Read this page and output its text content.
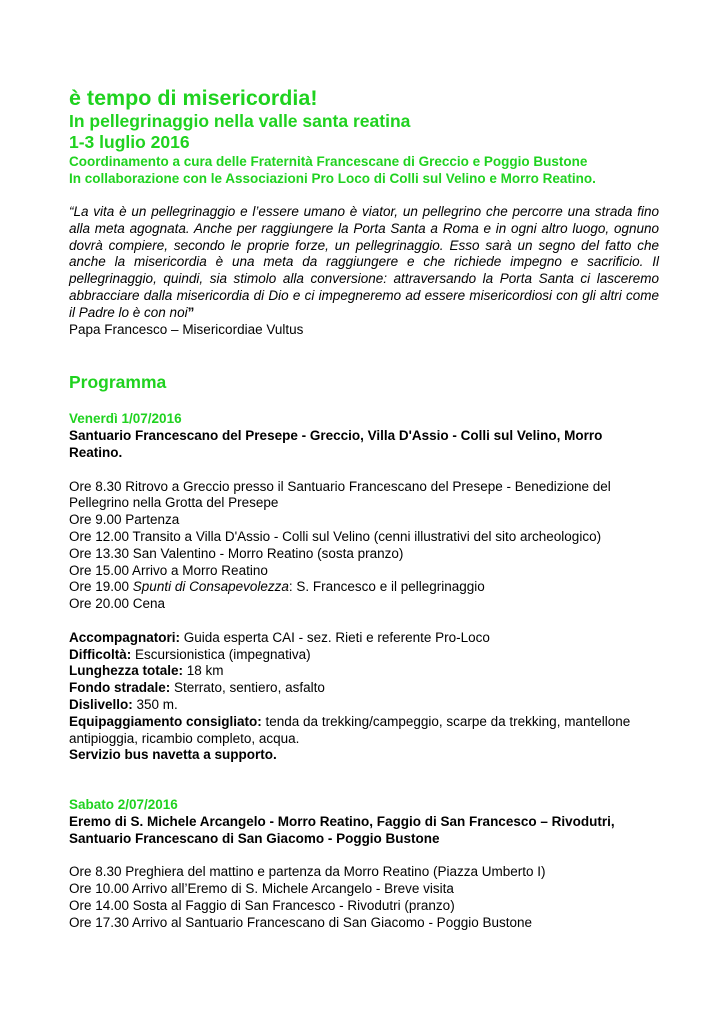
è tempo di misericordia!
In pellegrinaggio nella valle santa reatina
1-3 luglio 2016

Coordinamento a cura delle Fraternità Francescane di Greccio e Poggio Bustone

In collaborazione con le Associazioni Pro Loco di Colli sul Velino e Morro Reatino.

“La vita è un pellegrinaggio e l’essere umano è viator, un pellegrino che percorre una strada fino alla meta agognata. Anche per raggiungere la Porta Santa a Roma e in ogni altro luogo, ognuno dovrà compiere, secondo le proprie forze, un pellegrinaggio. Esso sarà un segno del fatto che anche la misericordia è una meta da raggiungere e che richiede impegno e sacrificio. Il pellegrinaggio, quindi, sia stimolo alla conversione: attraversando la Porta Santa ci lasceremo abbracciare dalla misericordia di Dio e ci impegneremo ad essere misericordiosi con gli altri come il Padre lo è con noi”

Papa Francesco – Misericordiae Vultus

Programma

Venerdì 1/07/2016

Santuario Francescano del Presepe - Greccio, Villa D'Assio - Colli sul Velino, Morro Reatino.

Ore 8.30 Ritrovo a Greccio presso il Santuario Francescano del Presepe - Benedizione del Pellegrino nella Grotta del Presepe

Ore 9.00 Partenza

Ore 12.00 Transito a Villa D'Assio - Colli sul Velino (cenni illustrativi del sito archeologico)

Ore 13.30 San Valentino - Morro Reatino (sosta pranzo)

Ore 15.00 Arrivo a Morro Reatino

Ore 19.00 Spunti di Consapevolezza: S. Francesco e il pellegrinaggio

Ore 20.00 Cena

Accompagnatori: Guida esperta CAI - sez. Rieti e referente Pro-Loco

Difficoltà: Escursionistica (impegnativa)

Lunghezza totale: 18 km

Fondo stradale: Sterrato, sentiero, asfalto

Dislivello: 350 m.

Equipaggiamento consigliato: tenda da trekking/campeggio, scarpe da trekking, mantellone antipioggia, ricambio completo, acqua.

Servizio bus navetta a supporto.

Sabato 2/07/2016

Eremo di S. Michele Arcangelo - Morro Reatino, Faggio di San Francesco – Rivodutri, Santuario Francescano di San Giacomo - Poggio Bustone

Ore 8.30 Preghiera del mattino e partenza da Morro Reatino (Piazza Umberto I)

Ore 10.00 Arrivo all’Eremo di S. Michele Arcangelo - Breve visita

Ore 14.00 Sosta al Faggio di San Francesco - Rivodutri (pranzo)

Ore 17.30 Arrivo al Santuario Francescano di San Giacomo - Poggio Bustone
